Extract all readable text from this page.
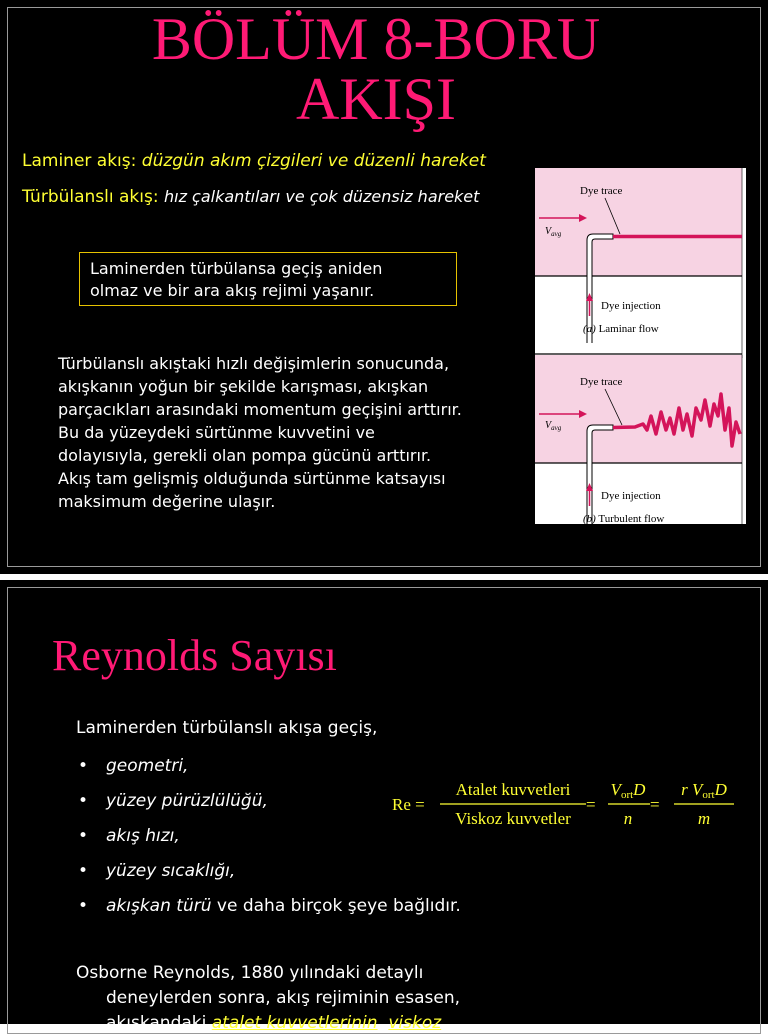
BÖLÜM 8-BORU
AKIŞI
Laminer akış: düzgün akım çizgileri ve düzenli hareket
Türbülanslı akış: hız çalkantıları ve çok düzensiz hareket
Laminerden türbülansa geçiş aniden
olmaz ve bir ara akış rejimi yaşanır.
Türbülanslı akıştaki hızlı değişimlerin sonucunda,
akışkanın yoğun bir şekilde karışması, akışkan
parçacıkları arasındaki momentum geçişini arttırır.
Bu da yüzeydeki sürtünme kuvvetini ve
dolayısıyla, gerekli olan pompa gücünü arttırır.
Akış tam gelişmiş olduğunda sürtünme katsayısı
maksimum değerine ulaşır.
$V_{avg}$
Dye trace
Dye injection
(a) Laminar flow
$V_{avg}$
Dye trace
Dye injection
(b) Turbulent flow
Reynolds Sayısı
Laminerden türbülanslı akışa geçiş,
• geometri,
• yüzey pürüzlülüğü,
• akış hızı,
• yüzey sıcaklığı,
• akışkan türü ve daha birçok şeye bağlıdır.
Re =
Atalet kuvvetleri
Viskoz kuvvetler
=
VortD
n
=
r VortD
m
Osborne Reynolds, 1880 yılındaki detaylı
deneylerden sonra, akış rejiminin esasen,
akışkandaki atalet kuvvetlerinin, viskoz
